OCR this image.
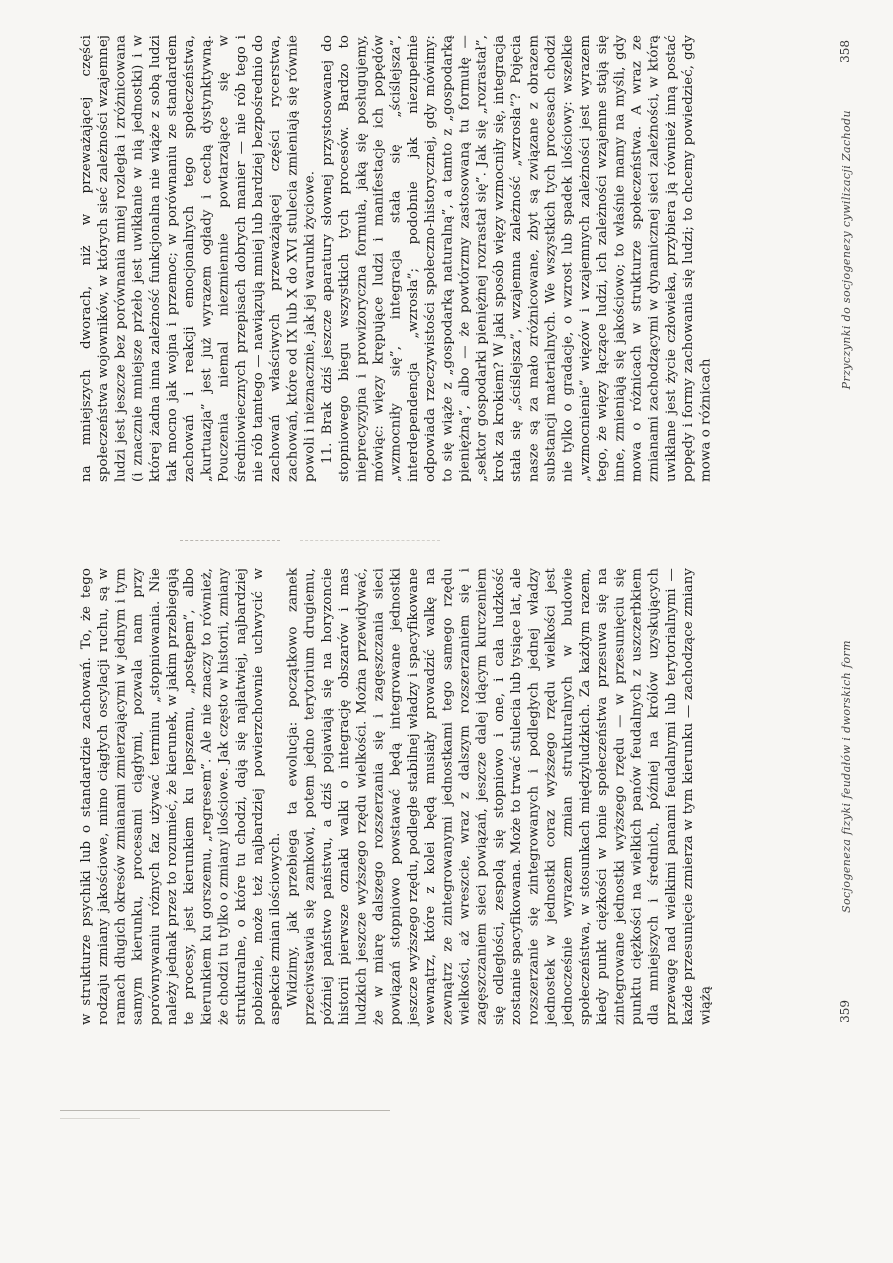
358
Przyczynki do socjogenezy cywilizacji Zachodu

na mniejszych dworach, niż w przeważającej części społeczeństwa wojowników, w których sieć zależności wzajemnej ludzi jest jeszcze bez porównania mniej rozległa i zróżnicowana (i znacznie mniejsze prżeło jest uwikłanie w nią jednostki) i w której żadna inna zależność funkcjonalna nie wiąże z sobą ludzi tak mocno jak wojna i przemoc; w porównaniu ze standardem zachowań i reakcji emocjonalnych tego społeczeństwa, „kurtuazja” jest już wyrazem ogłady i cechą dystynktywną. Pouczenia niemal niezmiennie powtarzające się w średniowiecznych przepisach dobrych manier — nie rób tego i nie rób tamtego — nawiązują mniej lub bardziej bezpośrednio do zachowań właściwych przeważającej części rycerstwa, zachowań, które od IX lub X do XVI stulecia zmieniają się równie powoli i nieznacznie, jak jej warunki życiowe. 11. Brak dziś jeszcze aparatury słownej przystosowanej do stopniowego biegu wszystkich tych procesów. Bardzo to nieprecyzyjna i prowizoryczna formuła, jaką się posługujemy, mówiąc: więzy krępujące ludzi i manifestacje ich popędów „wzmocniły się”, integracja stała się „ściślejsza”, interdependencja „wzrosła”; podobnie jak niezupełnie odpowiada rzeczywistości społeczno-historycznej, gdy mówimy: to się wiąże z „gospodarką naturalną”, a tamto z „gospodarką pieniężną”, albo — że powtórzmy zastosowaną tu formułę — „sektor gospodarki pieniężnej rozrastał się”. Jak się „rozrastał”, krok za krokiem? W jaki sposób więzy wzmocniły się, integracja stała się „ściślejsza”, wzajemna zależność „wzrosła”? Pojęcia nasze są za mało zróżnicowane, zbyt są związane z obrazem substancji materialnych. We wszystkich tych procesach chodzi nie tylko o gradacje, o wzrost lub spadek ilościowy: wszelkie „wzmocnienie” więzów i wzajemnych zależności jest wyrazem tego, że więzy łączące ludzi, ich zależności wzajemne stają się inne, zmieniają się jakościowo; to właśnie mamy na myśli, gdy mowa o różnicach w strukturze społeczeństwa. A wraz ze zmianami zachodzącymi w dynamicznej sieci zależności, w którą uwikłane jest życie człowieka, przybiera ją również inną postać popędy i formy zachowania się ludzi; to chcemy powiedzieć, gdy mowa o różnicach

359
Socjogeneza fizyki feudałów i dworskich form

w strukturze psychiki lub o standardzie zachowań. To, że tego rodzaju zmiany jakościowe, mimo ciągłych oscylacji ruchu, są w ramach długich okresów zmianami zmierzającymi w jednym i tym samym kierunku, procesami ciągłymi, pozwala nam przy porównywaniu różnych faz używać terminu „stopniowania. Nie należy jednak przez to rozumieć, że kierunek, w jakim przebiegają te procesy, jest kierunkiem ku lepszemu, „postępem”, albo kierunkiem ku gorszemu, „regresem”. Ale nie znaczy to również, że chodzi tu tylko o zmiany ilościowe. Jak często w historii, zmiany strukturalne, o które tu chodzi, dają się najłatwiej, najbardziej pobieżnie, może też najbardziej powierzchownie uchwycić w aspekcie zmian ilościowych. Widzimy, jak przebiega ta ewolucja: początkowo zamek przeciwstawia się zamkowi, potem jedno terytorium drugiemu, później państwo państwu, a dziś pojawiają się na horyzoncie historii pierwsze oznaki walki o integrację obszarów i mas ludzkich jeszcze wyższego rzędu wielkości. Można przewidywać, że w miarę dalszego rozszerzania się i zagęszczania sieci powiązań stopniowo powstawać będą integrowane jednostki jeszcze wyższego rzędu, podległe stabilnej władzy i spacyfikowane wewnątrz, które z kolei będą musiały prowadzić walkę na zewnątrz ze zintegrowanymi jednostkami tego samego rzędu wielkości, aż wreszcie, wraz z dalszym rozszerzaniem się i zagęszczaniem sieci powiązań, jeszcze dalej idącym kurczeniem się odległości, zespolą się stopniowo i one, i cała ludzkość zostanie spacyfikowana. Może to trwać stulecia lub tysiące lat, ale rozszerzanie się zintegrowanych i podległych jednej władzy jednostek w jednostki coraz wyższego rzędu wielkości jest jednocześnie wyrazem zmian strukturalnych w budowie społeczeństwa, w stosunkach międzyludzkich. Za każdym razem, kiedy punkt ciężkości w łonie społeczeństwa przesuwa się na zintegrowane jednostki wyższego rzędu — w przesunięciu się punktu ciężkości na wielkich panów feudalnych z uszczerbkiem dla mniejszych i średnich, później na królów uzyskujących przewagę nad wielkimi panami feudalnymi lub terytorialnymi — każde przesunięcie zmierza w tym kierunku — zachodzące zmiany wiążą
